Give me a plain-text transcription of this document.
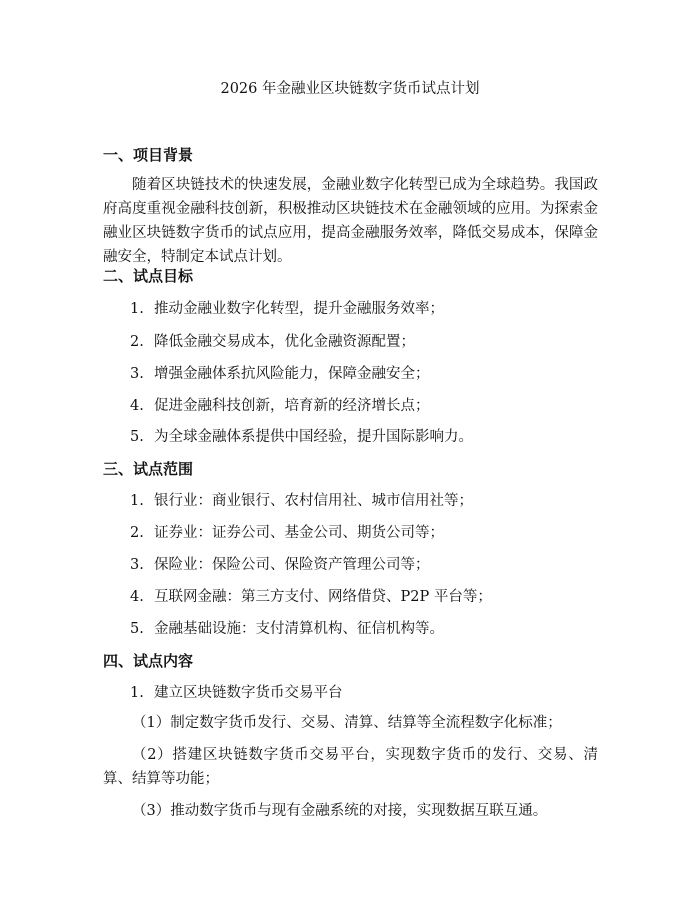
2026 年金融业区块链数字货币试点计划
一、项目背景
随着区块链技术的快速发展，金融业数字化转型已成为全球趋势。我国政府高度重视金融科技创新，积极推动区块链技术在金融领域的应用。为探索金融业区块链数字货币的试点应用，提高金融服务效率，降低交易成本，保障金融安全，特制定本试点计划。
二、试点目标
1. 推动金融业数字化转型，提升金融服务效率；
2. 降低金融交易成本，优化金融资源配置；
3. 增强金融体系抗风险能力，保障金融安全；
4. 促进金融科技创新，培育新的经济增长点；
5. 为全球金融体系提供中国经验，提升国际影响力。
三、试点范围
1. 银行业：商业银行、农村信用社、城市信用社等；
2. 证券业：证券公司、基金公司、期货公司等；
3. 保险业：保险公司、保险资产管理公司等；
4. 互联网金融：第三方支付、网络借贷、P2P 平台等；
5. 金融基础设施：支付清算机构、征信机构等。
四、试点内容
1. 建立区块链数字货币交易平台
（1）制定数字货币发行、交易、清算、结算等全流程数字化标准；
（2）搭建区块链数字货币交易平台，实现数字货币的发行、交易、清算、结算等功能；
（3）推动数字货币与现有金融系统的对接，实现数据互联互通。
